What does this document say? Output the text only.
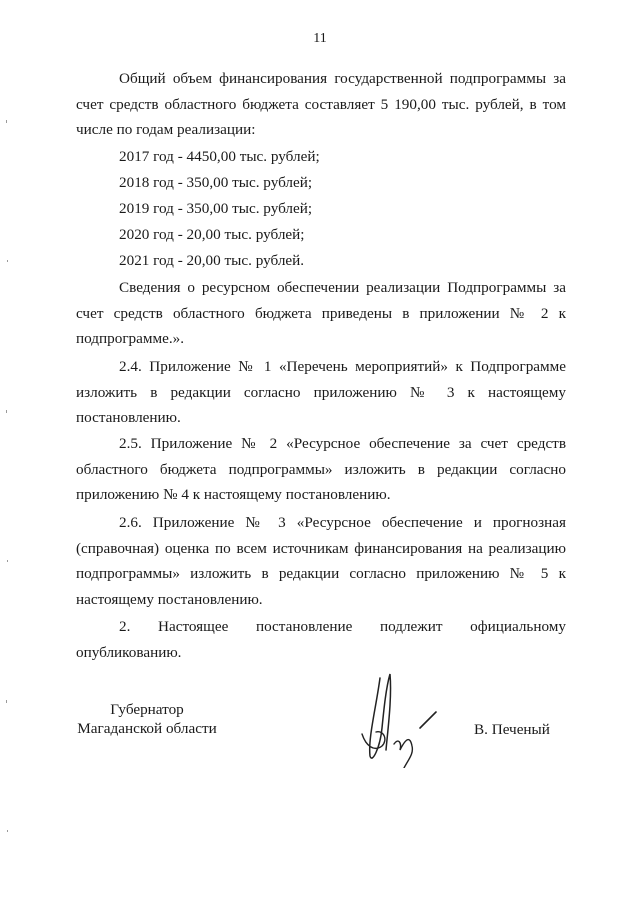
11

Общий объем финансирования государственной подпрограммы за счет средств областного бюджета составляет 5 190,00 тыс. рублей, в том числе по годам реализации:

2017 год - 4450,00 тыс. рублей;

2018 год - 350,00 тыс. рублей;

2019 год - 350,00 тыс. рублей;

2020 год - 20,00 тыс. рублей;

2021 год - 20,00 тыс. рублей.

Сведения о ресурсном обеспечении реализации Подпрограммы за счет средств областного бюджета приведены в приложении № 2 к подпрограмме.».

2.4. Приложение № 1 «Перечень мероприятий» к Подпрограмме изложить в редакции согласно приложению № 3 к настоящему постановлению.

2.5. Приложение № 2 «Ресурсное обеспечение за счет средств областного бюджета подпрограммы» изложить в редакции согласно приложению № 4 к настоящему постановлению.

2.6. Приложение № 3 «Ресурсное обеспечение и прогнозная (справочная) оценка по всем источникам финансирования на реализацию подпрограммы» изложить в редакции согласно приложению № 5 к настоящему постановлению.

2. Настоящее постановление подлежит официальному опубликованию.

Губернатор
Магаданской области	В. Печеный
